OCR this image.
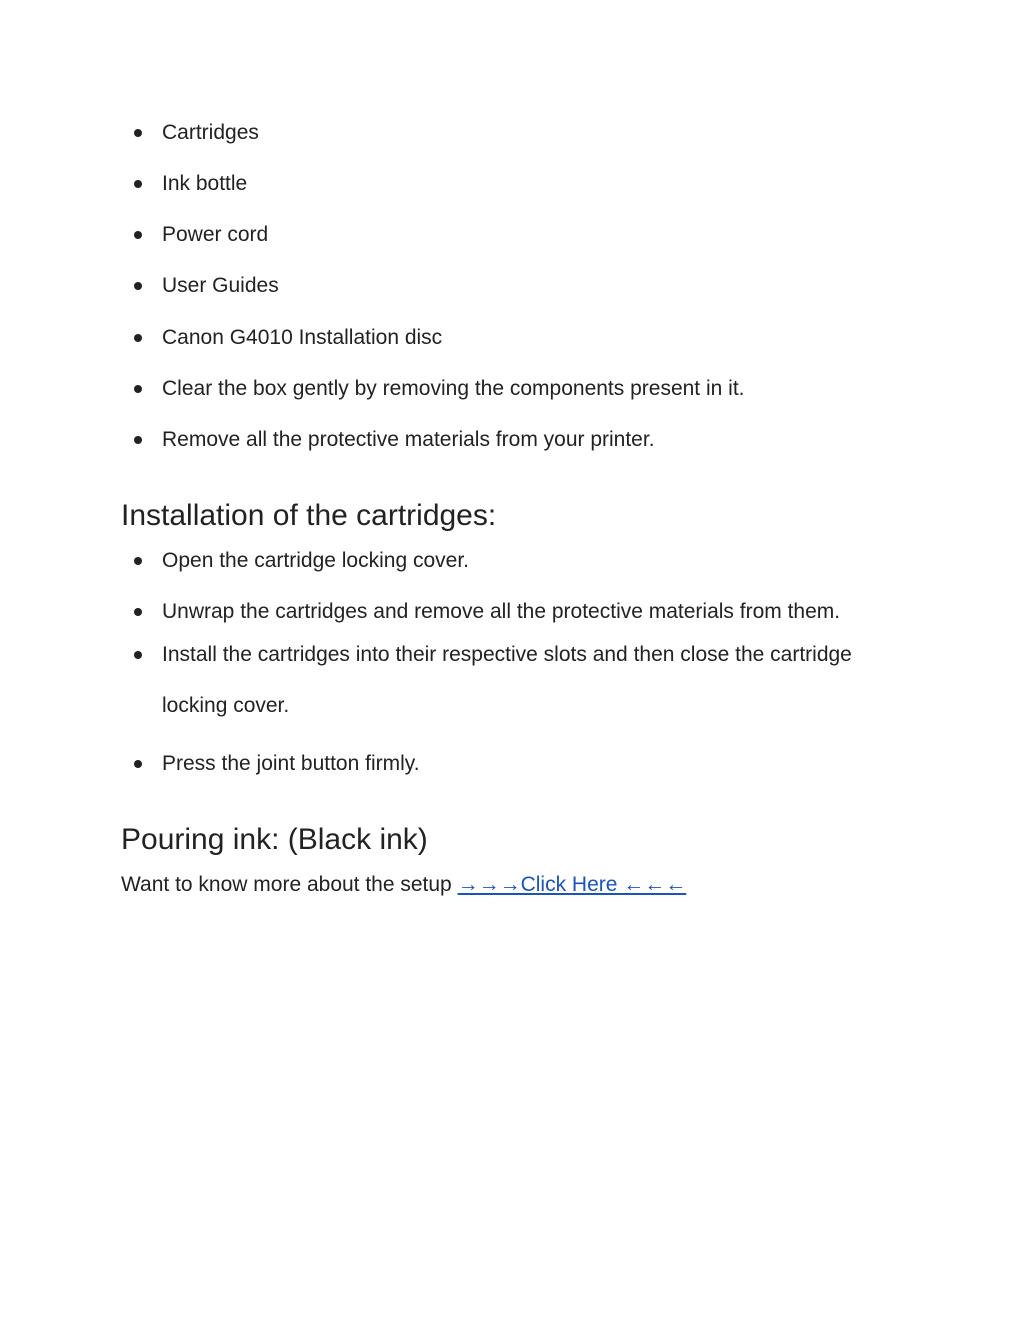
Cartridges
Ink bottle
Power cord
User Guides
Canon G4010 Installation disc
Clear the box gently by removing the components present in it.
Remove all the protective materials from your printer.
Installation of the cartridges:
Open the cartridge locking cover.
Unwrap the cartridges and remove all the protective materials from them.
Install the cartridges into their respective slots and then close the cartridge
locking cover.
Press the joint button firmly.
Pouring ink: (Black ink)
Want to know more about the setup →→→Click Here ←←←
